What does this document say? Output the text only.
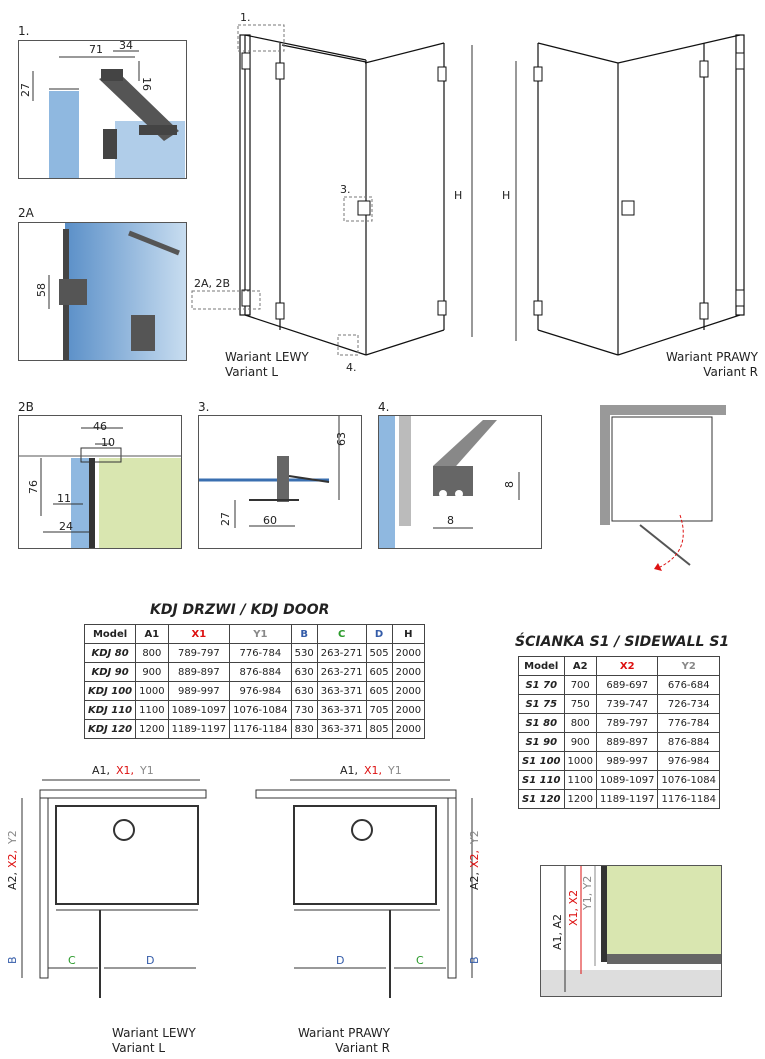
1.
71 34
16
27
2A
58
H
1.
2A, 2B
3.
4.
Wariant LEWY
Variant L
H
Wariant PRAWY
Variant R
2B
46
10
76
11
24
3.
63
27	60
4.
8
8
KDJ DRZWI / KDJ DOOR
Model	A1	X1	Y1	B	C	D	H
KDJ 80	800	789-797	776-784	530	263-271	505	2000
KDJ 90	900	889-897	876-884	630	263-271	605	2000
KDJ 100	1000	989-997	976-984	630	363-371	605	2000
KDJ 110	1100	1089-1097	1076-1084	730	363-371	705	2000
KDJ 120	1200	1189-1197	1176-1184	830	363-371	805	2000
ŚCIANKA S1 / SIDEWALL S1
Model	A2	X2	Y2
S1 70	700	689-697	676-684
S1 75	750	739-747	726-734
S1 80	800	789-797	776-784
S1 90	900	889-897	876-884
S1 100	1000	989-997	976-984
S1 110	1100	1089-1097	1076-1084
S1 120	1200	1189-1197	1176-1184
A1, X1, Y1
C	D
B
A2,
X2,
Y2
Wariant LEWY
Variant L
A1, X1, Y1
D	C	B
A2,
X2,
Y2
Wariant PRAWY
Variant R
A1, A2
X1, X2 Y1, Y2
